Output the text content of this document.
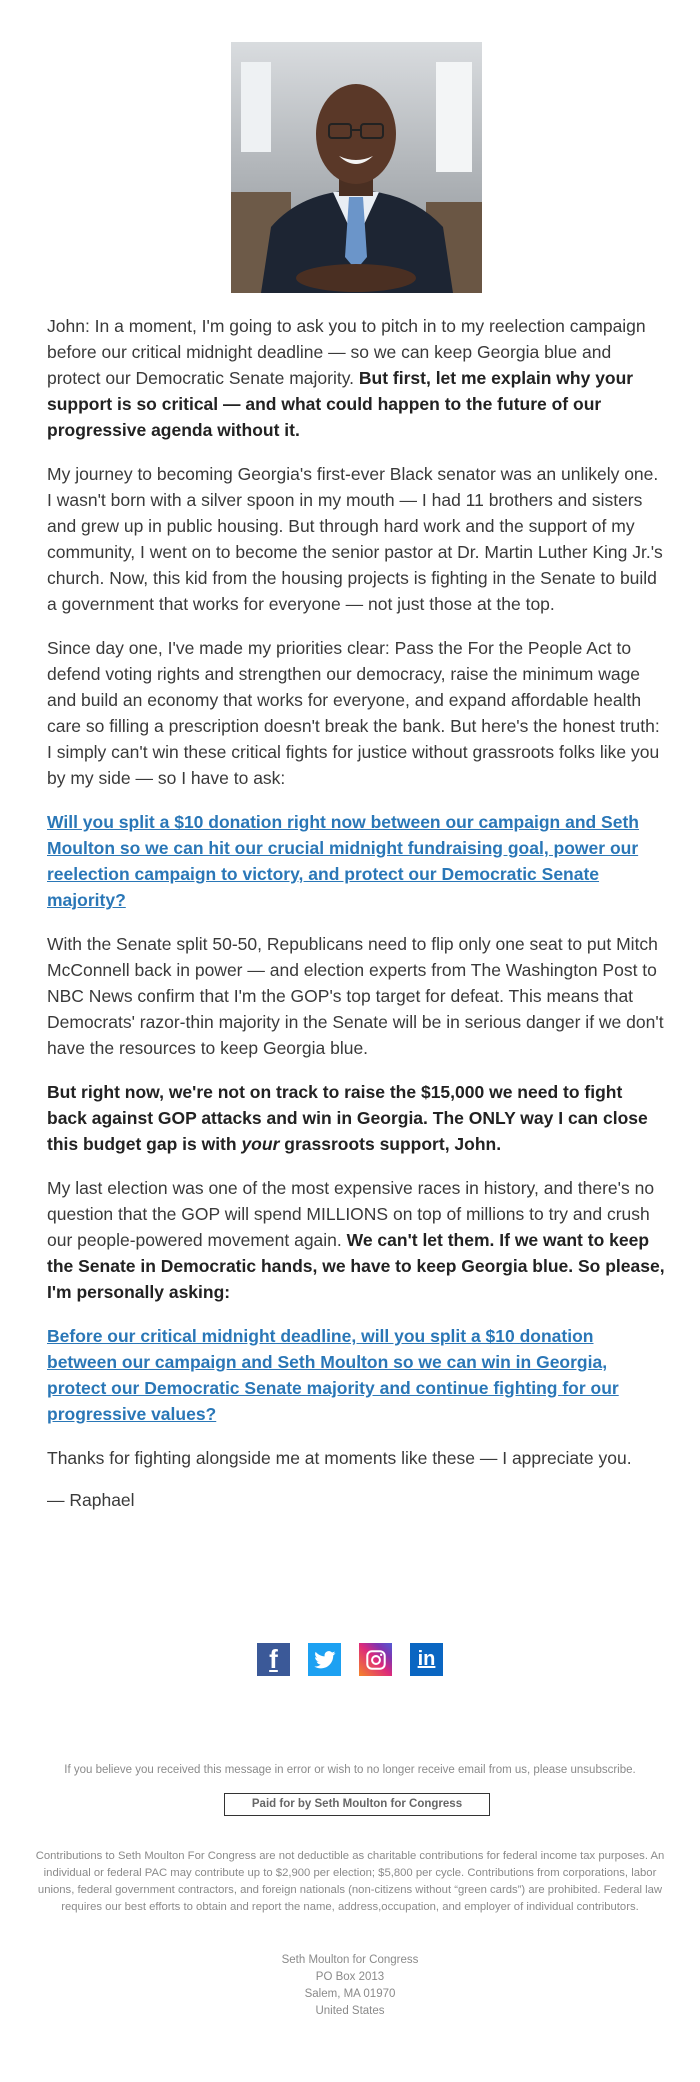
John: In a moment, I'm going to ask you to pitch in to my reelection campaign before our critical midnight deadline — so we can keep Georgia blue and protect our Democratic Senate majority. But first, let me explain why your support is so critical — and what could happen to the future of our progressive agenda without it.

My journey to becoming Georgia's first-ever Black senator was an unlikely one. I wasn't born with a silver spoon in my mouth — I had 11 brothers and sisters and grew up in public housing. But through hard work and the support of my community, I went on to become the senior pastor at Dr. Martin Luther King Jr.'s church. Now, this kid from the housing projects is fighting in the Senate to build a government that works for everyone — not just those at the top.

Since day one, I've made my priorities clear: Pass the For the People Act to defend voting rights and strengthen our democracy, raise the minimum wage and build an economy that works for everyone, and expand affordable health care so filling a prescription doesn't break the bank. But here's the honest truth: I simply can't win these critical fights for justice without grassroots folks like you by my side — so I have to ask:

Will you split a $10 donation right now between our campaign and Seth Moulton so we can hit our crucial midnight fundraising goal, power our reelection campaign to victory, and protect our Democratic Senate majority?

With the Senate split 50-50, Republicans need to flip only one seat to put Mitch McConnell back in power — and election experts from The Washington Post to NBC News confirm that I'm the GOP's top target for defeat. This means that Democrats' razor-thin majority in the Senate will be in serious danger if we don't have the resources to keep Georgia blue.

But right now, we're not on track to raise the $15,000 we need to fight back against GOP attacks and win in Georgia. The ONLY way I can close this budget gap is with your grassroots support, John.

My last election was one of the most expensive races in history, and there's no question that the GOP will spend MILLIONS on top of millions to try and crush our people-powered movement again. We can't let them. If we want to keep the Senate in Democratic hands, we have to keep Georgia blue. So please, I'm personally asking:

Before our critical midnight deadline, will you split a $10 donation between our campaign and Seth Moulton so we can win in Georgia, protect our Democratic Senate majority and continue fighting for our progressive values?

Thanks for fighting alongside me at moments like these — I appreciate you.

— Raphael

f	in
If you believe you received this message in error or wish to no longer receive email from us, please unsubscribe.
Paid for by Seth Moulton for Congress
Contributions to Seth Moulton For Congress are not deductible as charitable contributions for federal income tax purposes. An individual or federal PAC may contribute up to $2,900 per election; $5,800 per cycle. Contributions from corporations, labor unions, federal government contractors, and foreign nationals (non-citizens without “green cards”) are prohibited. Federal law requires our best efforts to obtain and report the name, address,occupation, and employer of individual contributors.
Seth Moulton for Congress
PO Box 2013
Salem, MA 01970
United States
